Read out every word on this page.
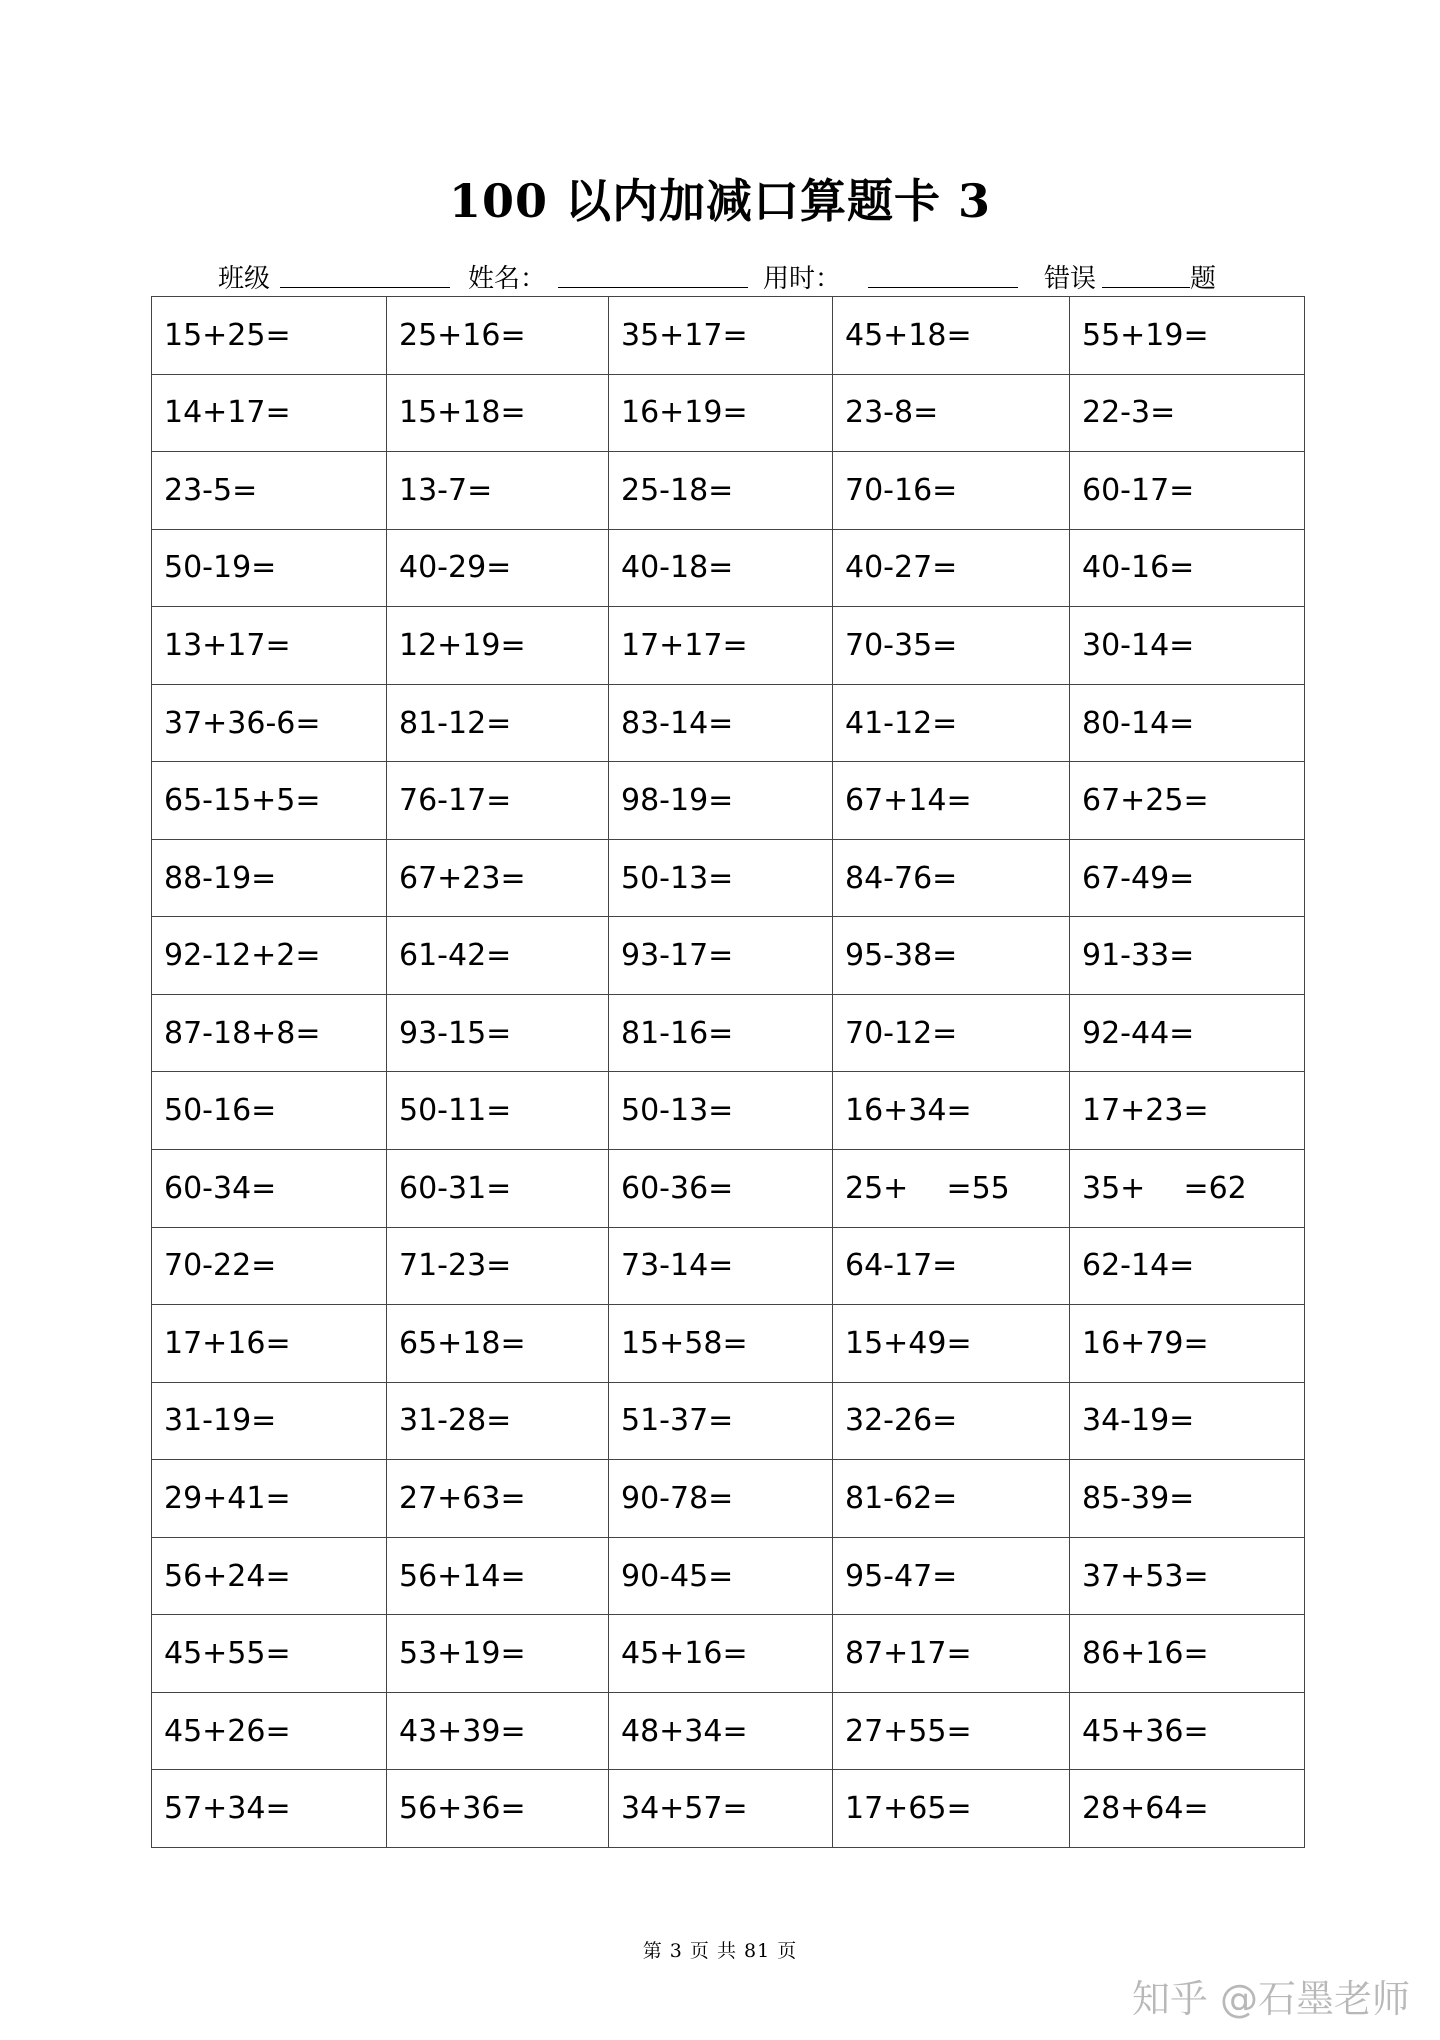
100 以内加减口算题卡 3
班级	姓名：	用时：	错误	题
15+25=	25+16=	35+17=	45+18=	55+19=
14+17=	15+18=	16+19=	23-8=	22-3=
23-5=	13-7=	25-18=	70-16=	60-17=
50-19=	40-29=	40-18=	40-27=	40-16=
13+17=	12+19=	17+17=	70-35=	30-14=
37+36-6=	81-12=	83-14=	41-12=	80-14=
65-15+5=	76-17=	98-19=	67+14=	67+25=
88-19=	67+23=	50-13=	84-76=	67-49=
92-12+2=	61-42=	93-17=	95-38=	91-33=
87-18+8=	93-15=	81-16=	70-12=	92-44=
50-16=	50-11=	50-13=	16+34=	17+23=
60-34=	60-31=	60-36=	25+    =55	35+    =62
70-22=	71-23=	73-14=	64-17=	62-14=
17+16=	65+18=	15+58=	15+49=	16+79=
31-19=	31-28=	51-37=	32-26=	34-19=
29+41=	27+63=	90-78=	81-62=	85-39=
56+24=	56+14=	90-45=	95-47=	37+53=
45+55=	53+19=	45+16=	87+17=	86+16=
45+26=	43+39=	48+34=	27+55=	45+36=
57+34=	56+36=	34+57=	17+65=	28+64=
第 3 页 共 81 页
知乎 @石墨老师
